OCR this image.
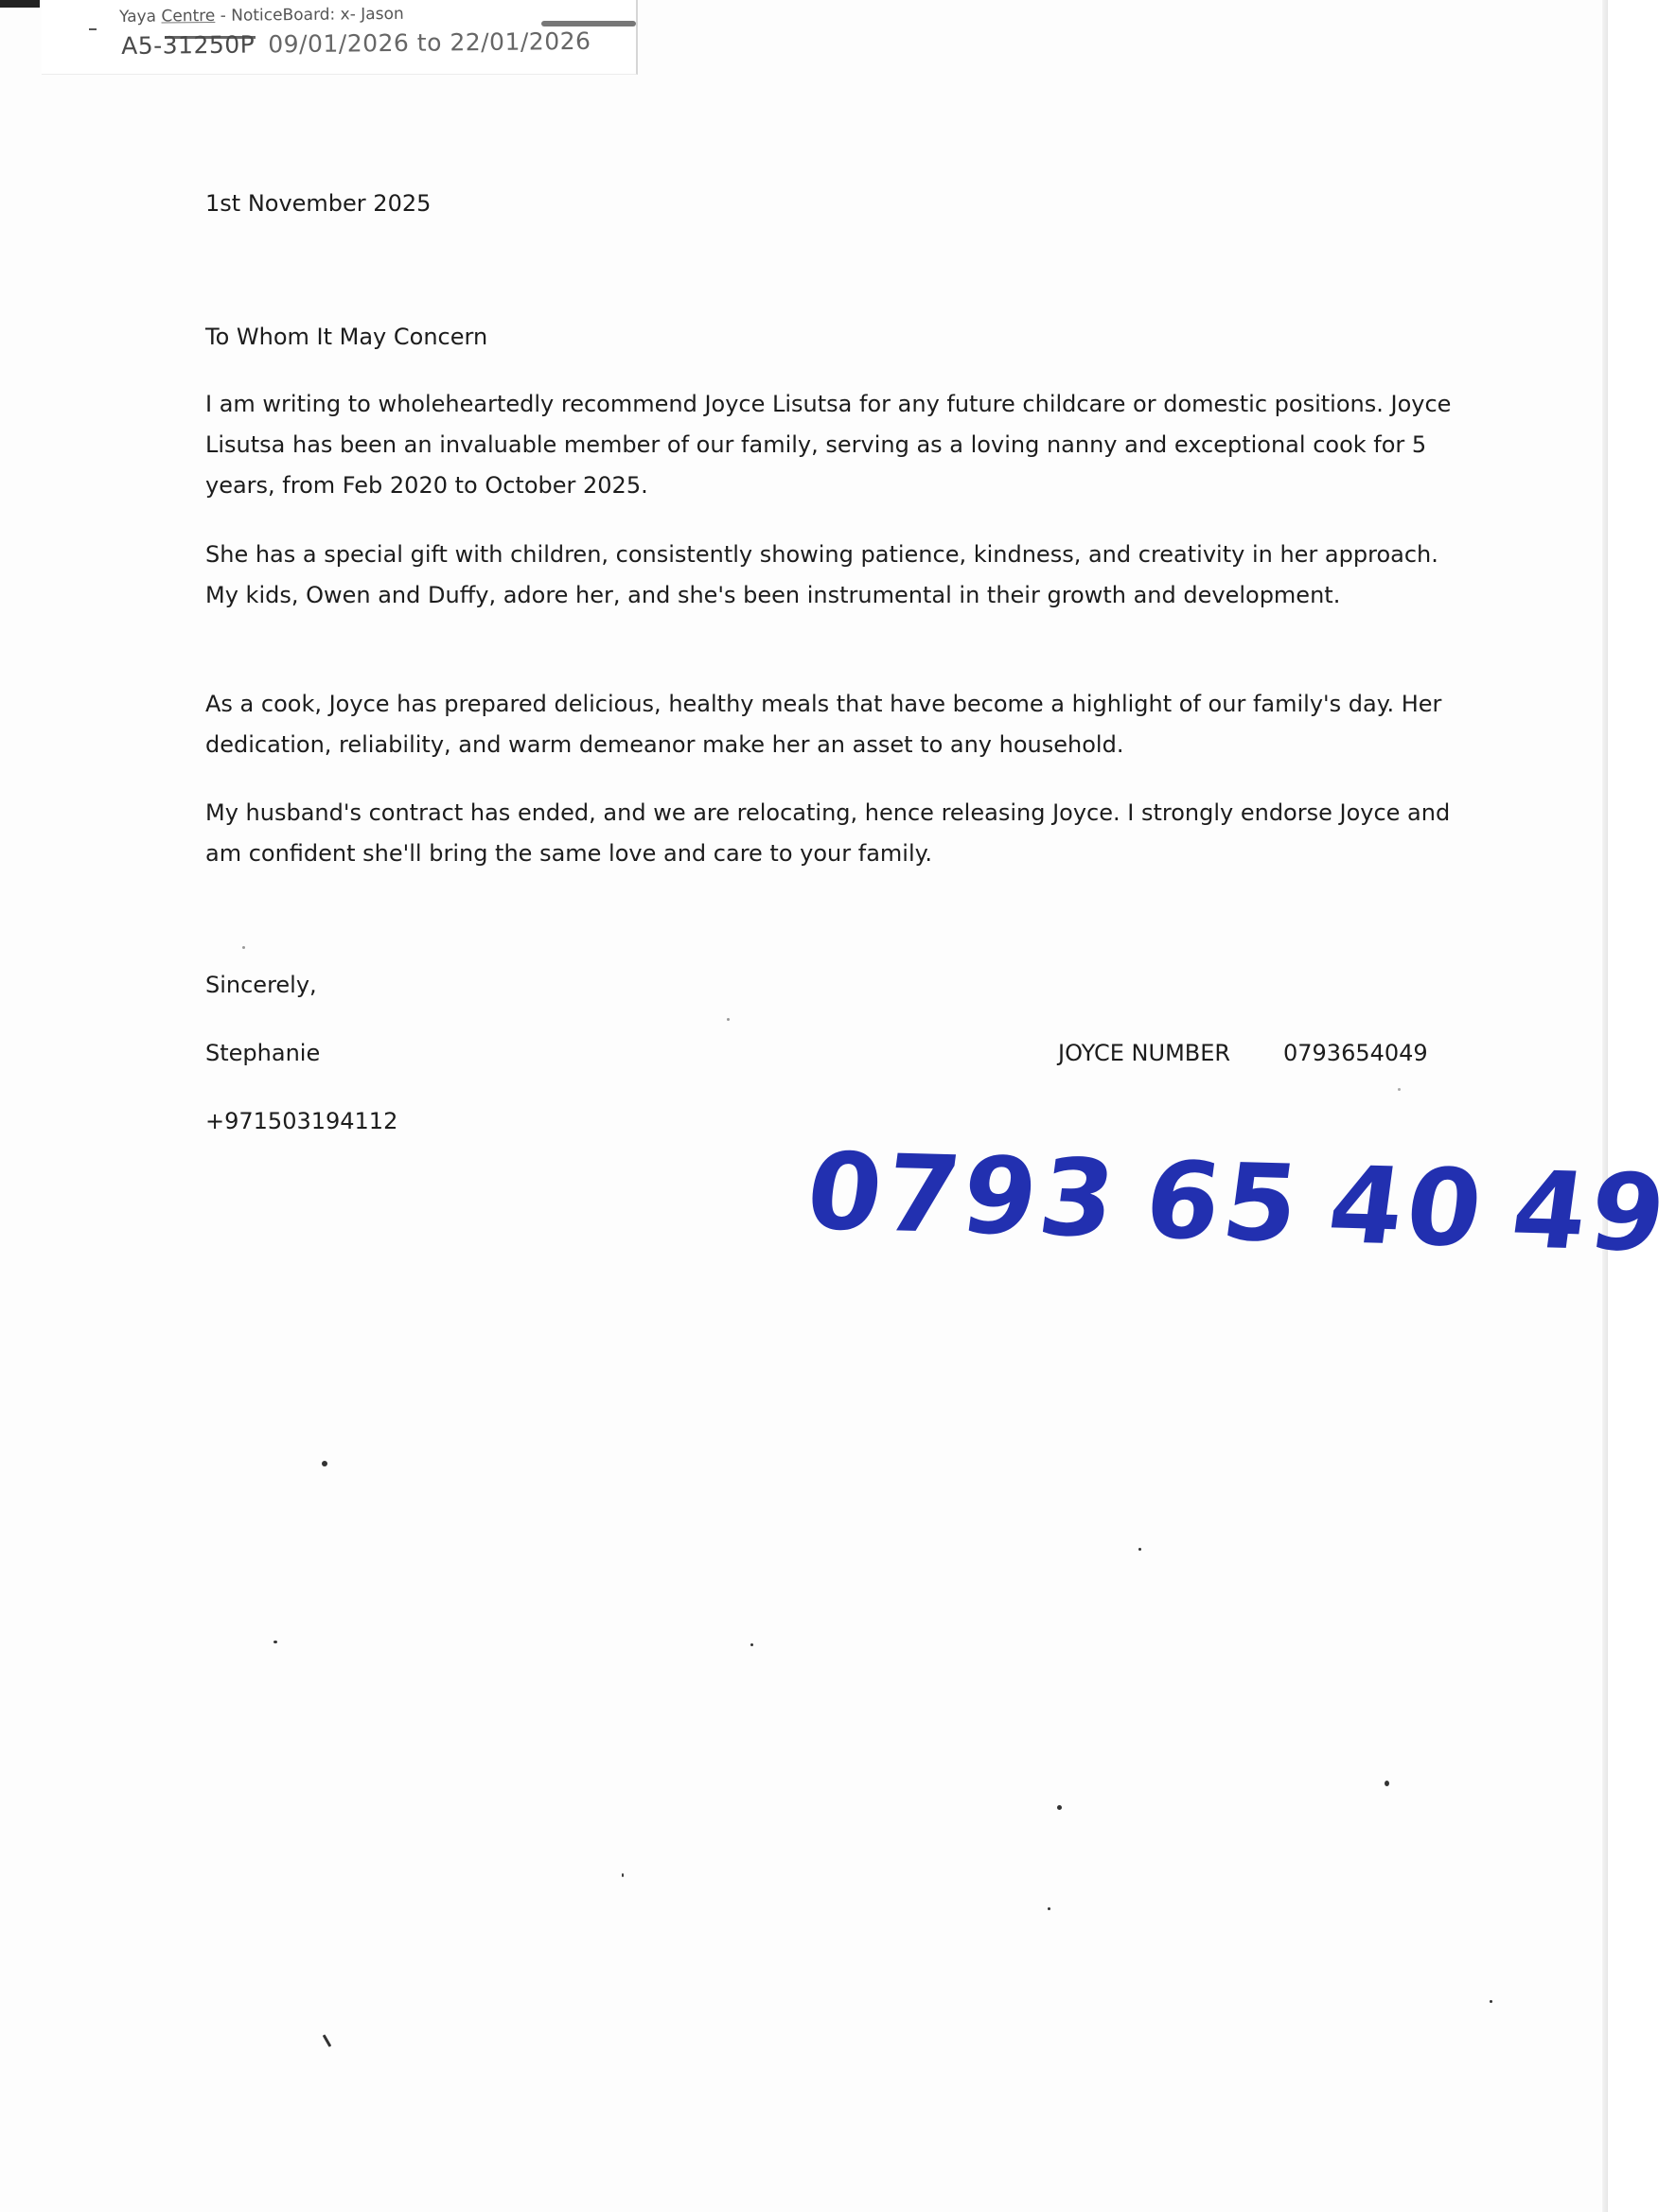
Yaya Centre - NoticeBoard: x- Jason
A5-31250P 09/01/2026 to 22/01/2026
1st November 2025
To Whom It May Concern
I am writing to wholeheartedly recommend Joyce Lisutsa for any future childcare or domestic positions. Joyce Lisutsa has been an invaluable member of our family, serving as a loving nanny and exceptional cook for 5 years, from Feb 2020 to October 2025.
She has a special gift with children, consistently showing patience, kindness, and creativity in her approach. My kids, Owen and Duffy, adore her, and she's been instrumental in their growth and development.
As a cook, Joyce has prepared delicious, healthy meals that have become a highlight of our family's day. Her dedication, reliability, and warm demeanor make her an asset to any household.
My husband's contract has ended, and we are relocating, hence releasing Joyce. I strongly endorse Joyce and am confident she'll bring the same love and care to your family.
Sincerely,
Stephanie
+971503194112
JOYCE NUMBER 0793654049
0793 65 40 49
